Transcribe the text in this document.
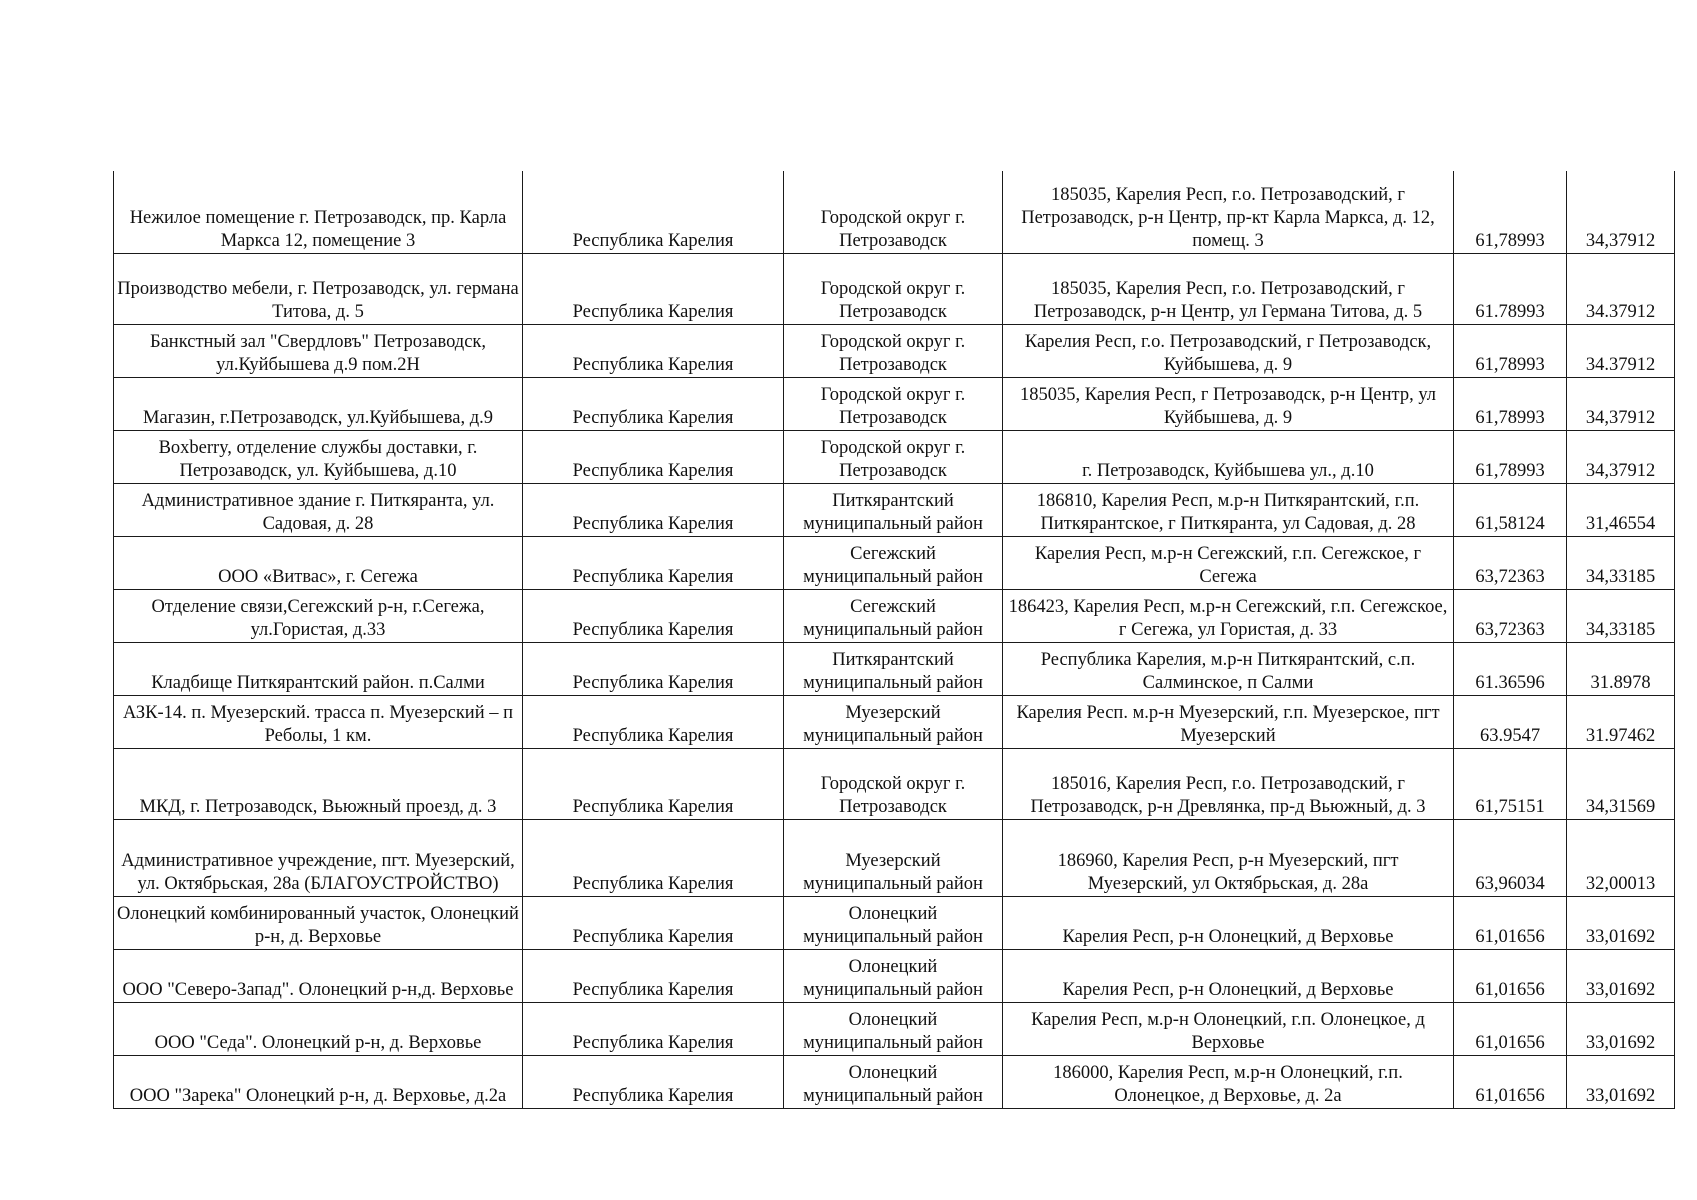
Нежилое помещение г. Петрозаводск, пр. Карла Маркса 12, помещение 3	Республика Карелия	Городской округ г. Петрозаводск	185035, Карелия Респ, г.о. Петрозаводский, г Петрозаводск, р-н Центр, пр-кт Карла Маркса, д. 12, помещ. 3	61,78993	34,37912
Производство мебели, г. Петрозаводск, ул. германа Титова, д. 5	Республика Карелия	Городской округ г. Петрозаводск	185035, Карелия Респ, г.о. Петрозаводский, г Петрозаводск, р-н Центр, ул Германа Титова, д. 5	61.78993	34.37912
Банкстный зал "Свердловъ" Петрозаводск, ул.Куйбышева д.9 пом.2Н	Республика Карелия	Городской округ г. Петрозаводск	Карелия Респ, г.о. Петрозаводский, г Петрозаводск, Куйбышева, д. 9	61,78993	34.37912
Магазин, г.Петрозаводск, ул.Куйбышева, д.9	Республика Карелия	Городской округ г. Петрозаводск	185035, Карелия Респ, г Петрозаводск, р-н Центр, ул Куйбышева, д. 9	61,78993	34,37912
Boxberry, отделение службы доставки, г. Петрозаводск, ул. Куйбышева, д.10	Республика Карелия	Городской округ г. Петрозаводск	г. Петрозаводск, Куйбышева ул., д.10	61,78993	34,37912
Административное здание г. Питкяранта, ул. Садовая, д. 28	Республика Карелия	Питкярантский муниципальный район	186810, Карелия Респ, м.р-н Питкярантский, г.п. Питкярантское, г Питкяранта, ул Садовая, д. 28	61,58124	31,46554
ООО «Витвас», г. Сегежа	Республика Карелия	Сегежский муниципальный район	Карелия Респ, м.р-н Сегежский, г.п. Сегежское, г Сегежа	63,72363	34,33185
Отделение связи,Сегежский р-н, г.Сегежа, ул.Гористая, д.33	Республика Карелия	Сегежский муниципальный район	186423, Карелия Респ, м.р-н Сегежский, г.п. Сегежское, г Сегежа, ул Гористая, д. 33	63,72363	34,33185
Кладбище Питкярантский район. п.Салми	Республика Карелия	Питкярантский муниципальный район	Республика Карелия, м.р-н Питкярантский, с.п. Салминское, п Салми	61.36596	31.8978
АЗК-14. п. Муезерский. трасса п. Муезерский – п Реболы, 1 км.	Республика Карелия	Муезерский муниципальный район	Карелия Респ. м.р-н Муезерский, г.п. Муезерское, пгт Муезерский	63.9547	31.97462
МКД, г. Петрозаводск, Вьюжный проезд, д. 3	Республика Карелия	Городской округ г. Петрозаводск	185016, Карелия Респ, г.о. Петрозаводский, г Петрозаводск, р-н Древлянка, пр-д Вьюжный, д. 3	61,75151	34,31569
Административное учреждение, пгт. Муезерский, ул. Октябрьская, 28а (БЛАГОУСТРОЙСТВО)	Республика Карелия	Муезерский муниципальный район	186960, Карелия Респ, р-н Муезерский, пгт Муезерский, ул Октябрьская, д. 28а	63,96034	32,00013
Олонецкий комбинированный участок, Олонецкий р-н, д. Верховье	Республика Карелия	Олонецкий муниципальный район	Карелия Респ, р-н Олонецкий, д Верховье	61,01656	33,01692
ООО "Северо-Запад". Олонецкий р-н,д. Верховье	Республика Карелия	Олонецкий муниципальный район	Карелия Респ, р-н Олонецкий, д Верховье	61,01656	33,01692
ООО "Седа". Олонецкий р-н, д. Верховье	Республика Карелия	Олонецкий муниципальный район	Карелия Респ, м.р-н Олонецкий, г.п. Олонецкое, д Верховье	61,01656	33,01692
ООО "Зарека" Олонецкий р-н, д. Верховье, д.2а	Республика Карелия	Олонецкий муниципальный район	186000, Карелия Респ, м.р-н Олонецкий, г.п. Олонецкое, д Верховье, д. 2а	61,01656	33,01692
